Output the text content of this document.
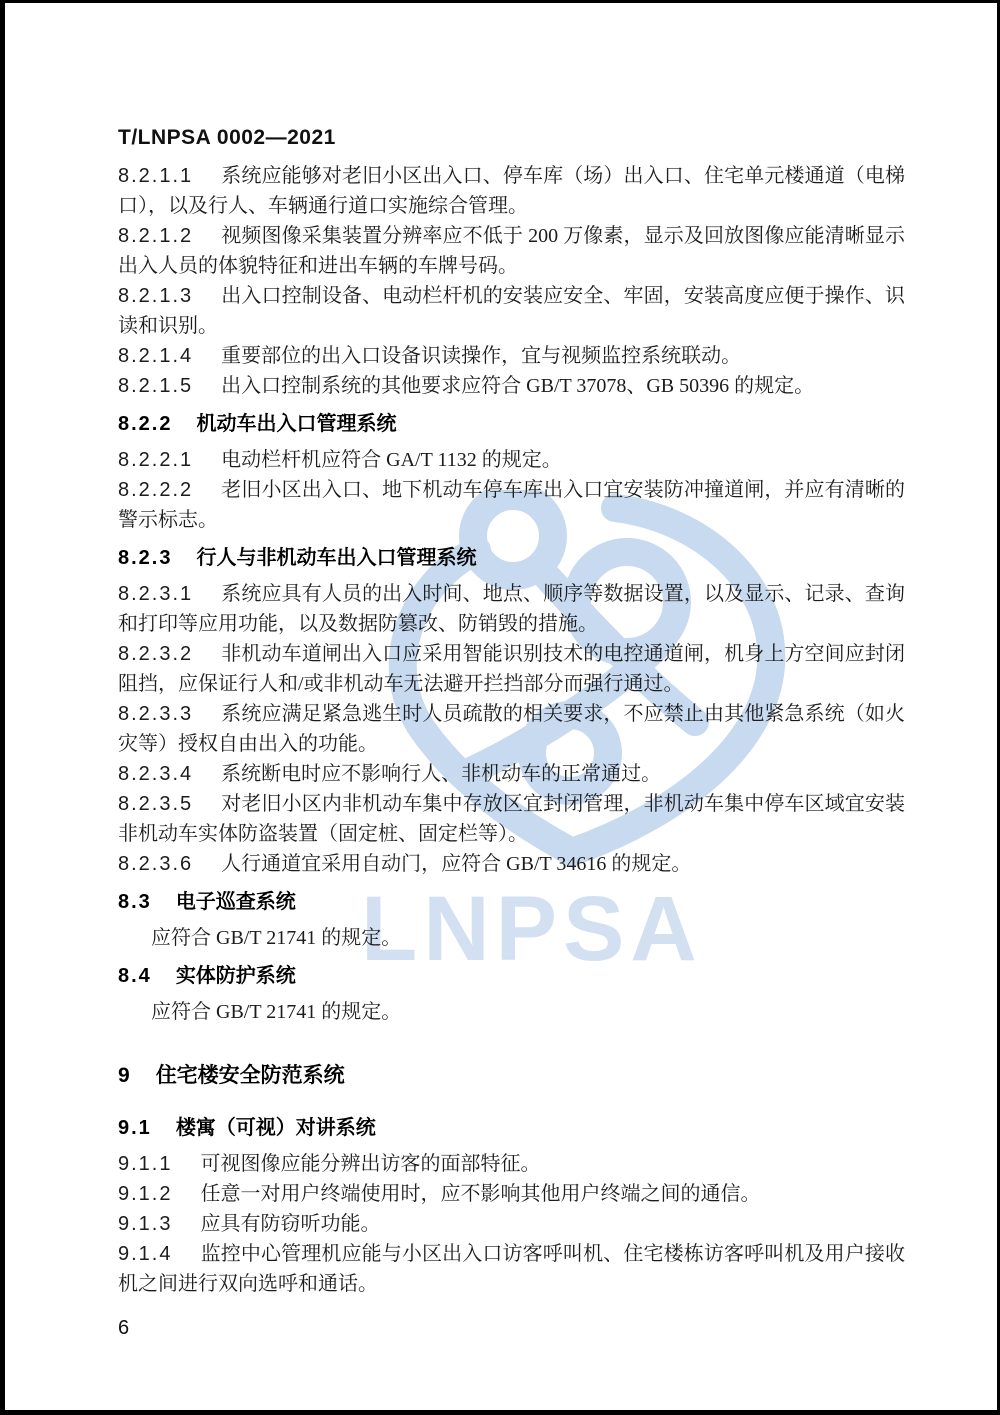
LNPSA
T/LNPSA 0002—2021
8.2.1.1 系统应能够对老旧小区出入口、停车库（场）出入口、住宅单元楼通道（电梯口），以及行人、车辆通行道口实施综合管理。
8.2.1.2 视频图像采集装置分辨率应不低于 200 万像素，显示及回放图像应能清晰显示出入人员的体貌特征和进出车辆的车牌号码。
8.2.1.3 出入口控制设备、电动栏杆机的安装应安全、牢固，安装高度应便于操作、识读和识别。
8.2.1.4 重要部位的出入口设备识读操作，宜与视频监控系统联动。
8.2.1.5 出入口控制系统的其他要求应符合 GB/T 37078、GB 50396 的规定。
8.2.2 机动车出入口管理系统
8.2.2.1 电动栏杆机应符合 GA/T 1132 的规定。
8.2.2.2 老旧小区出入口、地下机动车停车库出入口宜安装防冲撞道闸，并应有清晰的警示标志。
8.2.3 行人与非机动车出入口管理系统
8.2.3.1 系统应具有人员的出入时间、地点、顺序等数据设置，以及显示、记录、查询和打印等应用功能，以及数据防篡改、防销毁的措施。
8.2.3.2 非机动车道闸出入口应采用智能识别技术的电控通道闸，机身上方空间应封闭阻挡，应保证行人和/或非机动车无法避开拦挡部分而强行通过。
8.2.3.3 系统应满足紧急逃生时人员疏散的相关要求，不应禁止由其他紧急系统（如火灾等）授权自由出入的功能。
8.2.3.4 系统断电时应不影响行人、非机动车的正常通过。
8.2.3.5 对老旧小区内非机动车集中存放区宜封闭管理，非机动车集中停车区域宜安装非机动车实体防盗装置（固定桩、固定栏等）。
8.2.3.6 人行通道宜采用自动门，应符合 GB/T 34616 的规定。
8.3 电子巡查系统
应符合 GB/T 21741 的规定。
8.4 实体防护系统
应符合 GB/T 21741 的规定。
9 住宅楼安全防范系统
9.1 楼寓（可视）对讲系统
9.1.1 可视图像应能分辨出访客的面部特征。
9.1.2 任意一对用户终端使用时，应不影响其他用户终端之间的通信。
9.1.3 应具有防窃听功能。
9.1.4 监控中心管理机应能与小区出入口访客呼叫机、住宅楼栋访客呼叫机及用户接收机之间进行双向选呼和通话。
6
